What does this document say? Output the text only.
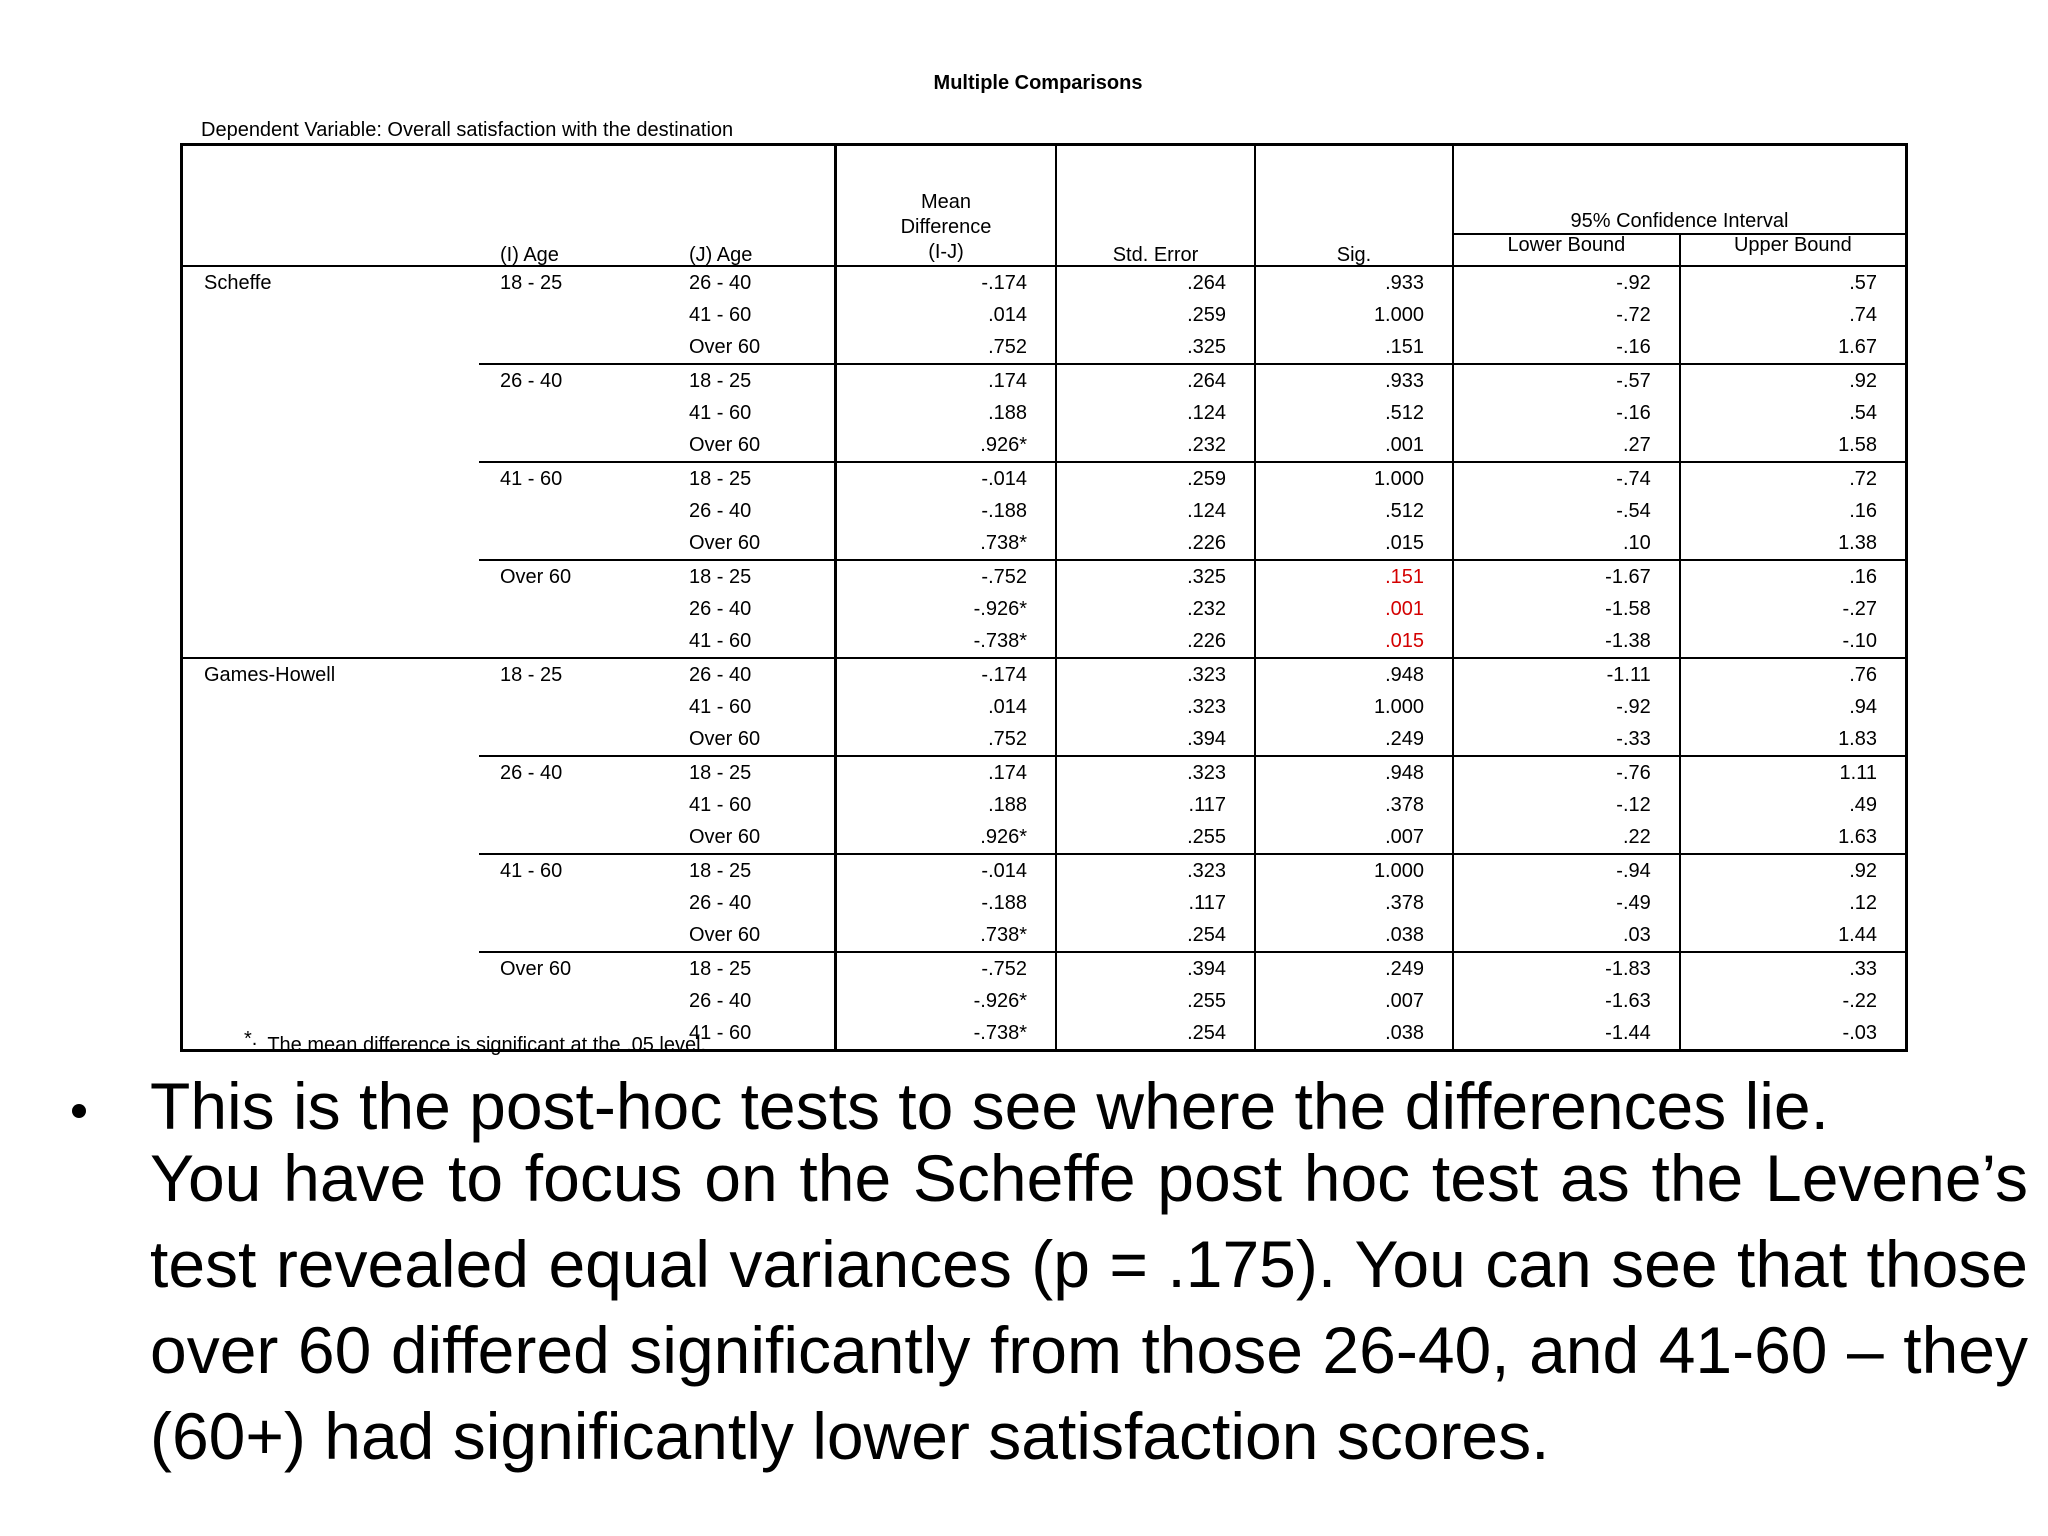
Multiple Comparisons
Dependent Variable: Overall satisfaction with the destination
	(I) Age	(J) Age	Mean
Difference
(I-J)	Std. Error	Sig.	95% Confidence Interval	
						Lower Bound	Upper Bound
Scheffe	18 - 25	26 - 40	-.174	.264	.933	-.92	.57
		41 - 60	.014	.259	1.000	-.72	.74
		Over 60	.752	.325	.151	-.16	1.67
	26 - 40	18 - 25	.174	.264	.933	-.57	.92
		41 - 60	.188	.124	.512	-.16	.54
		Over 60	.926*	.232	.001	.27	1.58
	41 - 60	18 - 25	-.014	.259	1.000	-.74	.72
		26 - 40	-.188	.124	.512	-.54	.16
		Over 60	.738*	.226	.015	.10	1.38
	Over 60	18 - 25	-.752	.325	.151	-1.67	.16
		26 - 40	-.926*	.232	.001	-1.58	-.27
		41 - 60	-.738*	.226	.015	-1.38	-.10
Games-Howell	18 - 25	26 - 40	-.174	.323	.948	-1.11	.76
		41 - 60	.014	.323	1.000	-.92	.94
		Over 60	.752	.394	.249	-.33	1.83
	26 - 40	18 - 25	.174	.323	.948	-.76	1.11
		41 - 60	.188	.117	.378	-.12	.49
		Over 60	.926*	.255	.007	.22	1.63
	41 - 60	18 - 25	-.014	.323	1.000	-.94	.92
		26 - 40	-.188	.117	.378	-.49	.12
		Over 60	.738*	.254	.038	.03	1.44
	Over 60	18 - 25	-.752	.394	.249	-1.83	.33
		26 - 40	-.926*	.255	.007	-1.63	-.22
		41 - 60	-.738*	.254	.038	-1.44	-.03
*. The mean difference is significant at the .05 level.
This is the post-hoc tests to see where the differences lie.
You have to focus on the Scheffe post hoc test as the Levene’s test revealed equal variances (p = .175). You can see that those over 60 differed significantly from those 26-40, and 41-60 – they (60+) had significantly lower satisfaction scores.
